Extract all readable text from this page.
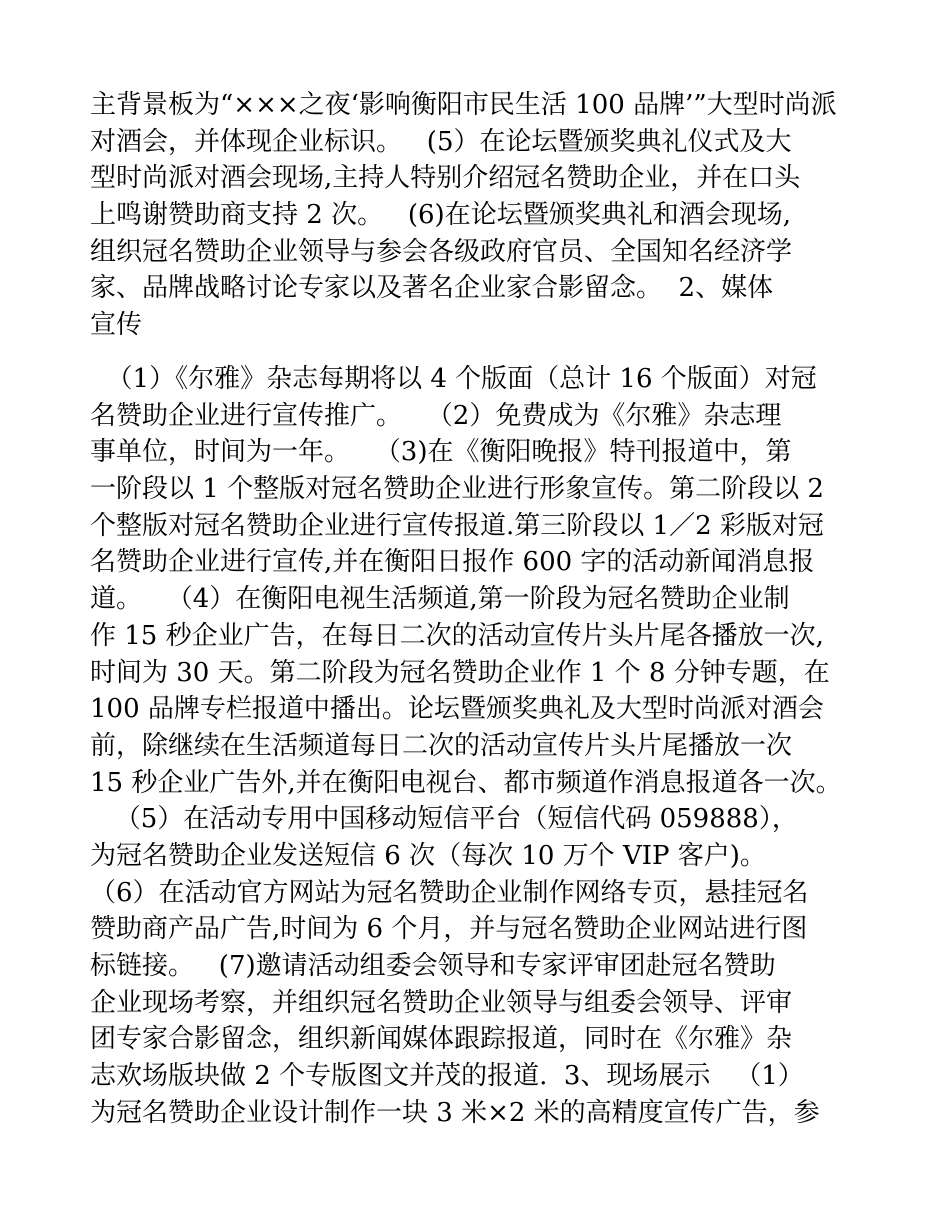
主背景板为“×××之夜‘影响衡阳市民生活 100 品牌’”大型时尚派
对酒会，并体现企业标识。   (5）在论坛暨颁奖典礼仪式及大
型时尚派对酒会现场,主持人特别介绍冠名赞助企业，并在口头
上鸣谢赞助商支持 2 次。   (6)在论坛暨颁奖典礼和酒会现场,
组织冠名赞助企业领导与参会各级政府官员、全国知名经济学
家、品牌战略讨论专家以及著名企业家合影留念。  2、媒体
宣传
（1）《尔雅》杂志每期将以 4 个版面（总计 16 个版面）对冠
名赞助企业进行宣传推广。   （2）免费成为《尔雅》杂志理
事单位，时间为一年。   （3)在《衡阳晚报》特刊报道中，第
一阶段以 1 个整版对冠名赞助企业进行形象宣传。第二阶段以 2
个整版对冠名赞助企业进行宣传报道.第三阶段以 1／2 彩版对冠
名赞助企业进行宣传,并在衡阳日报作 600 字的活动新闻消息报
道。   （4）在衡阳电视生活频道,第一阶段为冠名赞助企业制
作 15 秒企业广告，在每日二次的活动宣传片头片尾各播放一次,
时间为 30 天。第二阶段为冠名赞助企业作 1 个 8 分钟专题，在
100 品牌专栏报道中播出。论坛暨颁奖典礼及大型时尚派对酒会
前，除继续在生活频道每日二次的活动宣传片头片尾播放一次
15 秒企业广告外,并在衡阳电视台、都市频道作消息报道各一次。
（5）在活动专用中国移动短信平台（短信代码 059888），
为冠名赞助企业发送短信 6 次（每次 10 万个 VIP 客户)。
（6）在活动官方网站为冠名赞助企业制作网络专页，悬挂冠名
赞助商产品广告,时间为 6 个月，并与冠名赞助企业网站进行图
标链接。   (7)邀请活动组委会领导和专家评审团赴冠名赞助
企业现场考察，并组织冠名赞助企业领导与组委会领导、评审
团专家合影留念，组织新闻媒体跟踪报道，同时在《尔雅》杂
志欢场版块做 2 个专版图文并茂的报道.  3、现场展示   （1）
为冠名赞助企业设计制作一块 3 米×2 米的高精度宣传广告，参
